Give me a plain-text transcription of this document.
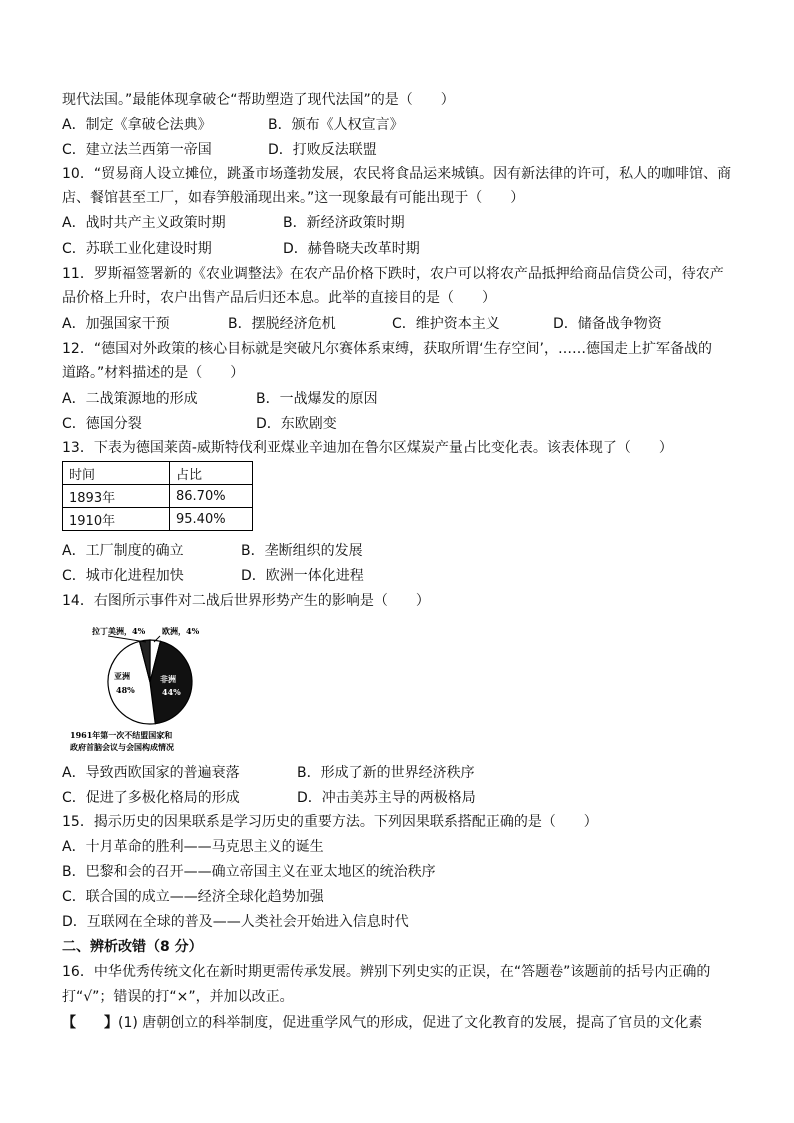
现代法国。”最能体现拿破仑“帮助塑造了现代法国”的是（　　）
A．制定《拿破仑法典》	B．颁布《人权宣言》
C．建立法兰西第一帝国	D．打败反法联盟
10．“贸易商人设立摊位，跳蚤市场蓬勃发展，农民将食品运来城镇。因有新法律的许可，私人的咖啡馆、商
店、餐馆甚至工厂，如春笋般涌现出来。”这一现象最有可能出现于（　　）
A．战时共产主义政策时期	B．新经济政策时期
C．苏联工业化建设时期	D．赫鲁晓夫改革时期
11．罗斯福签署新的《农业调整法》在农产品价格下跌时，农户可以将农产品抵押给商品信贷公司，待农产
品价格上升时，农户出售产品后归还本息。此举的直接目的是（　　）
A．加强国家干预	B．摆脱经济危机	C．维护资本主义	D．储备战争物资
12．“德国对外政策的核心目标就是突破凡尔赛体系束缚，获取所谓‘生存空间’，……德国走上扩军备战的
道路。”材料描述的是（　　）
A．二战策源地的形成	B．一战爆发的原因
C．德国分裂	D．东欧剧变
13．下表为德国莱茵-威斯特伐利亚煤业辛迪加在鲁尔区煤炭产量占比变化表。该表体现了（　　）
时间	占比
1893年	86.70%
1910年	95.40%
A．工厂制度的确立	B．垄断组织的发展
C．城市化进程加快	D．欧洲一体化进程
14．右图所示事件对二战后世界形势产生的影响是（　　）
拉丁美洲，4% 欧洲，4%
亚洲
48%
非洲
44%
1961年第一次不结盟国家和
政府首脑会议与会国构成情况
A．导致西欧国家的普遍衰落	B．形成了新的世界经济秩序
C．促进了多极化格局的形成	D．冲击美苏主导的两极格局
15．揭示历史的因果联系是学习历史的重要方法。下列因果联系搭配正确的是（　　）
A．十月革命的胜利——马克思主义的诞生
B．巴黎和会的召开——确立帝国主义在亚太地区的统治秩序
C．联合国的成立——经济全球化趋势加强
D．互联网在全球的普及——人类社会开始进入信息时代
二、辨析改错（8 分）
16．中华优秀传统文化在新时期更需传承发展。辨别下列史实的正误，在“答题卷”该题前的括号内正确的
打“√”；错误的打“×”，并加以改正。
【　　】(1) 唐朝创立的科举制度，促进重学风气的形成，促进了文化教育的发展，提高了官员的文化素
